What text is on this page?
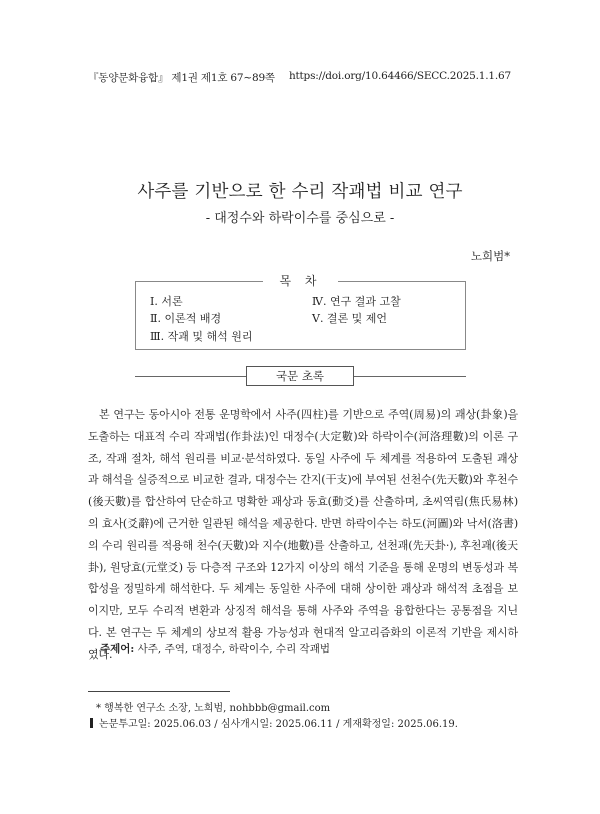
『동양문화융합』 제1권 제1호 67∼89쪽 https://doi.org/10.64466/SECC.2025.1.1.67
사주를 기반으로 한 수리 작괘법 비교 연구
- 대정수와 하락이수를 중심으로 -
노희범*
목 차
Ⅰ. 서론
Ⅱ. 이론적 배경
Ⅲ. 작괘 및 해석 원리
Ⅳ. 연구 결과 고찰
Ⅴ. 결론 및 제언
국문 초록
본 연구는 동아시아 전통 운명학에서 사주(四柱)를 기반으로 주역(周易)의 괘상(卦象)을 도출하는 대표적 수리 작괘법(作卦法)인 대정수(大定數)와 하락이수(河洛理數)의 이론 구조, 작괘 절차, 해석 원리를 비교·분석하였다. 동일 사주에 두 체계를 적용하여 도출된 괘상과 해석을 실증적으로 비교한 결과, 대정수는 간지(干支)에 부여된 선천수(先天數)와 후천수(後天數)를 합산하여 단순하고 명확한 괘상과 동효(動爻)를 산출하며, 초씨역림(焦氏易林)의 효사(爻辭)에 근거한 일관된 해석을 제공한다. 반면 하락이수는 하도(河圖)와 낙서(洛書)의 수리 원리를 적용해 천수(天數)와 지수(地數)를 산출하고, 선천괘(先天卦·), 후천괘(後天卦), 원당효(元堂爻) 등 다층적 구조와 12가지 이상의 해석 기준을 통해 운명의 변동성과 복합성을 정밀하게 해석한다. 두 체계는 동일한 사주에 대해 상이한 괘상과 해석적 초점을 보이지만, 모두 수리적 변환과 상징적 해석을 통해 사주와 주역을 융합한다는 공통점을 지닌다. 본 연구는 두 체계의 상보적 활용 가능성과 현대적 알고리즘화의 이론적 기반을 제시하였다.
주제어: 사주, 주역, 대정수, 하락이수, 수리 작괘법
* 행복한 연구소 소장, 노희범, nohbbb@gmail.com
논문투고일: 2025.06.03 / 심사개시일: 2025.06.11 / 게재확정일: 2025.06.19.
